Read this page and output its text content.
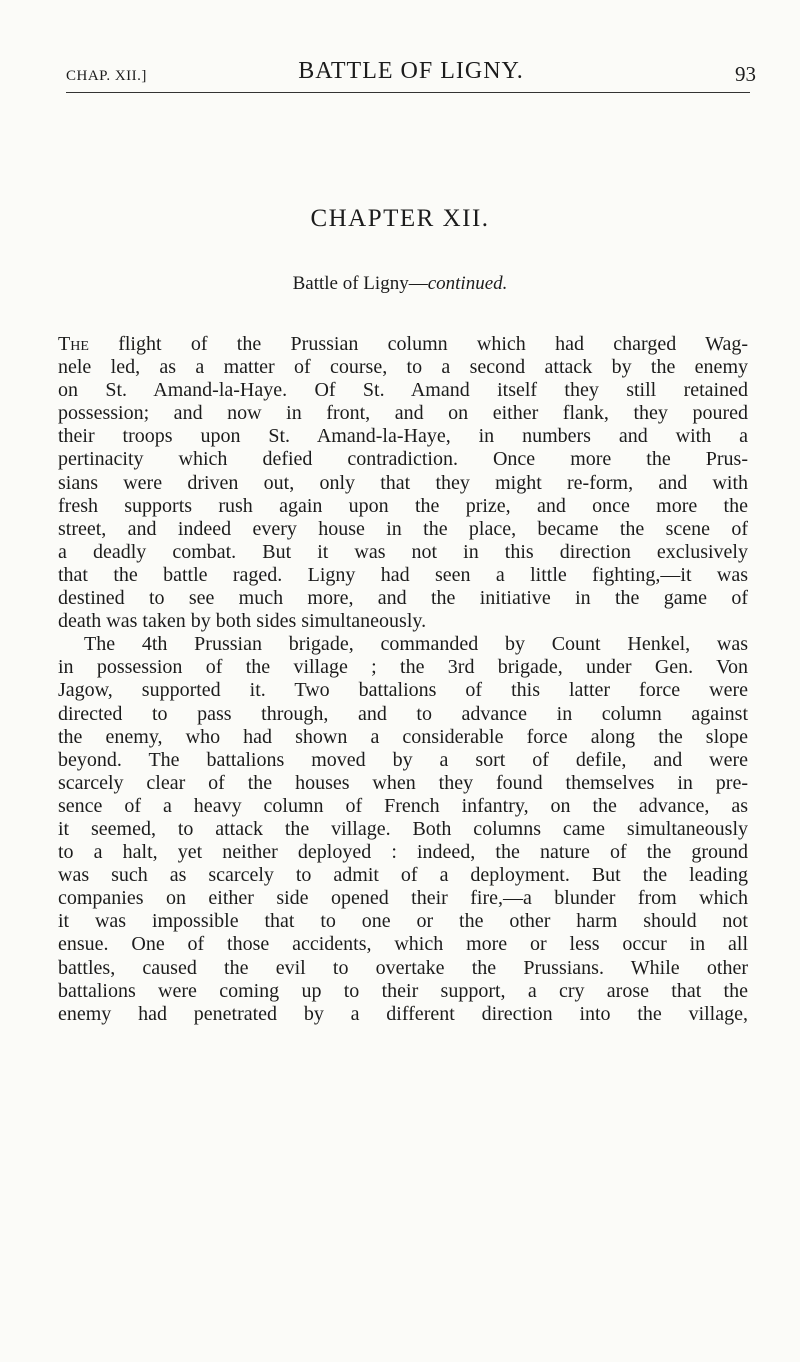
CHAP. XII.]	BATTLE OF LIGNY.	93
CHAPTER XII.
Battle of Ligny—continued.
The flight of the Prussian column which had charged Wag-
nele led, as a matter of course, to a second attack by the enemy
on St. Amand-la-Haye. Of St. Amand itself they still retained
possession; and now in front, and on either flank, they poured
their troops upon St. Amand-la-Haye, in numbers and with a
pertinacity which defied contradiction. Once more the Prus-
sians were driven out, only that they might re-form, and with
fresh supports rush again upon the prize, and once more the
street, and indeed every house in the place, became the scene of
a deadly combat. But it was not in this direction exclusively
that the battle raged. Ligny had seen a little fighting,—it was
destined to see much more, and the initiative in the game of
death was taken by both sides simultaneously.
The 4th Prussian brigade, commanded by Count Henkel, was
in possession of the village ; the 3rd brigade, under Gen. Von
Jagow, supported it. Two battalions of this latter force were
directed to pass through, and to advance in column against
the enemy, who had shown a considerable force along the slope
beyond. The battalions moved by a sort of defile, and were
scarcely clear of the houses when they found themselves in pre-
sence of a heavy column of French infantry, on the advance, as
it seemed, to attack the village. Both columns came simultaneously
to a halt, yet neither deployed : indeed, the nature of the ground
was such as scarcely to admit of a deployment. But the leading
companies on either side opened their fire,—a blunder from which
it was impossible that to one or the other harm should not
ensue. One of those accidents, which more or less occur in all
battles, caused the evil to overtake the Prussians. While other
battalions were coming up to their support, a cry arose that the
enemy had penetrated by a different direction into the village,
